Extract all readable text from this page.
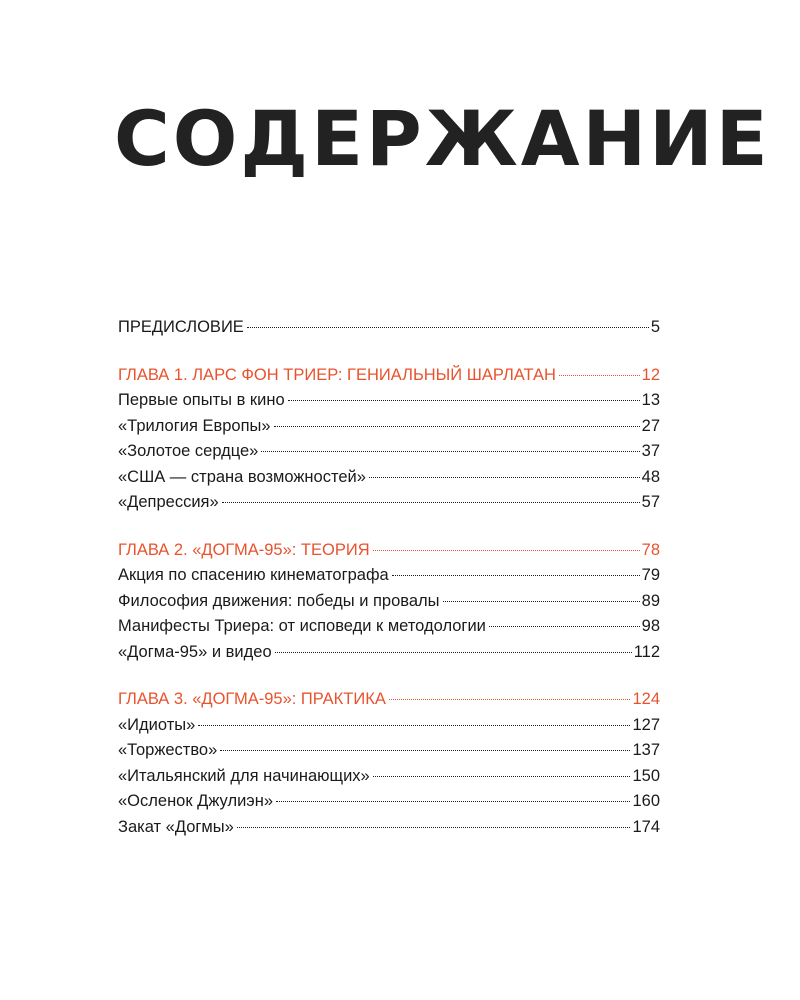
СОДЕРЖАНИЕ
ПРЕДИСЛОВИЕ	5
ГЛАВА 1. ЛАРС ФОН ТРИЕР: ГЕНИАЛЬНЫЙ ШАРЛАТАН	12
Первые опыты в кино	13
«Трилогия Европы»	27
«Золотое сердце»	37
«США — страна возможностей»	48
«Депрессия»	57
ГЛАВА 2. «ДОГМА-95»: ТЕОРИЯ	78
Акция по спасению кинематографа	79
Философия движения: победы и провалы	89
Манифесты Триера: от исповеди к методологии	98
«Догма-95» и видео	112
ГЛАВА 3. «ДОГМА-95»: ПРАКТИКА	124
«Идиоты»	127
«Торжество»	137
«Итальянский для начинающих»	150
«Осленок Джулиэн»	160
Закат «Догмы»	174
